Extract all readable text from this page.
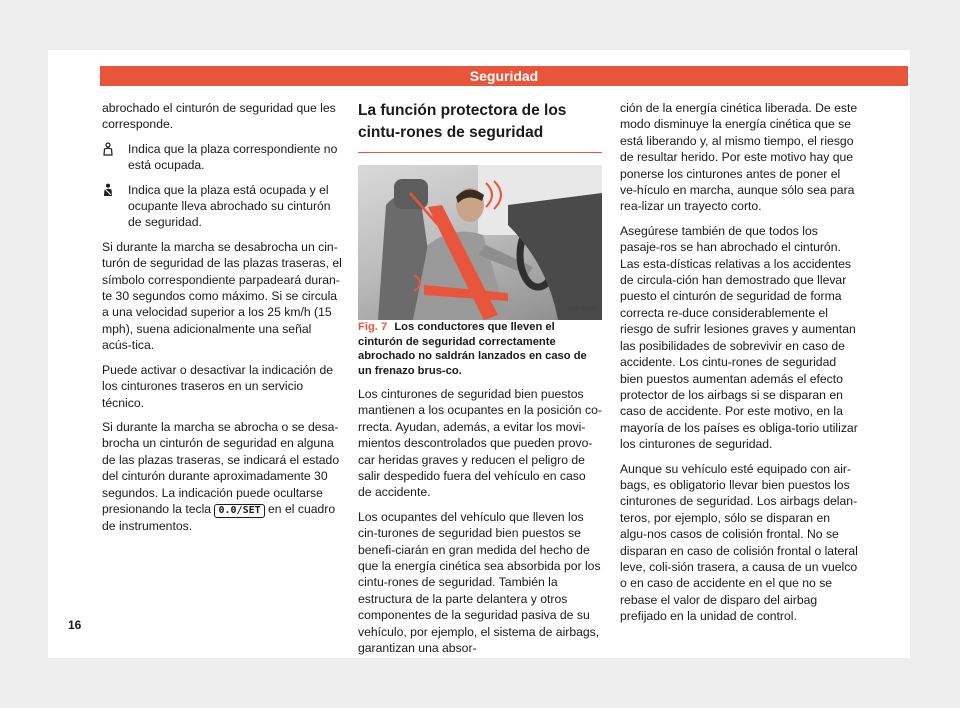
Seguridad

abrochado el cinturón de seguridad que les corresponde.

Indica que la plaza correspondiente no está ocupada.
Indica que la plaza está ocupada y el ocupante lleva abrochado su cinturón de seguridad.

Si durante la marcha se desabrocha un cin-turón de seguridad de las plazas traseras, el símbolo correspondiente parpadeará duran-te 30 segundos como máximo. Si se circula a una velocidad superior a los 25 km/h (15 mph), suena adicionalmente una señal acús-tica.

Puede activar o desactivar la indicación de los cinturones traseros en un servicio técnico.

Si durante la marcha se abrocha o se desa-brocha un cinturón de seguridad en alguna de las plazas traseras, se indicará el estado del cinturón durante aproximadamente 30 segundos. La indicación puede ocultarse presionando la tecla 0.0/SET en el cuadro de instrumentos.

La función protectora de los cintu-rones de seguridad
B5F-0940

Fig. 7 Los conductores que lleven el cinturón de seguridad correctamente abrochado no saldrán lanzados en caso de un frenazo brus-co.

Los cinturones de seguridad bien puestos mantienen a los ocupantes en la posición co-rrecta. Ayudan, además, a evitar los movi-mientos descontrolados que pueden provo-car heridas graves y reducen el peligro de salir despedido fuera del vehículo en caso de accidente.

Los ocupantes del vehículo que lleven los cin-turones de seguridad bien puestos se benefi-ciarán en gran medida del hecho de que la energía cinética sea absorbida por los cintu-rones de seguridad. También la estructura de la parte delantera y otros componentes de la seguridad pasiva de su vehículo, por ejemplo, el sistema de airbags, garantizan una absor-

ción de la energía cinética liberada. De este modo disminuye la energía cinética que se está liberando y, al mismo tiempo, el riesgo de resultar herido. Por este motivo hay que ponerse los cinturones antes de poner el ve-hículo en marcha, aunque sólo sea para rea-lizar un trayecto corto.

Asegúrese también de que todos los pasaje-ros se han abrochado el cinturón. Las esta-dísticas relativas a los accidentes de circula-ción han demostrado que llevar puesto el cinturón de seguridad de forma correcta re-duce considerablemente el riesgo de sufrir lesiones graves y aumentan las posibilidades de sobrevivir en caso de accidente. Los cintu-rones de seguridad bien puestos aumentan además el efecto protector de los airbags si se disparan en caso de accidente. Por este motivo, en la mayoría de los países es obliga-torio utilizar los cinturones de seguridad.

Aunque su vehículo esté equipado con air-bags, es obligatorio llevar bien puestos los cinturones de seguridad. Los airbags delan-teros, por ejemplo, sólo se disparan en algu-nos casos de colisión frontal. No se disparan en caso de colisión frontal o lateral leve, coli-sión trasera, a causa de un vuelco o en caso de accidente en el que no se rebase el valor de disparo del airbag prefijado en la unidad de control.

16
